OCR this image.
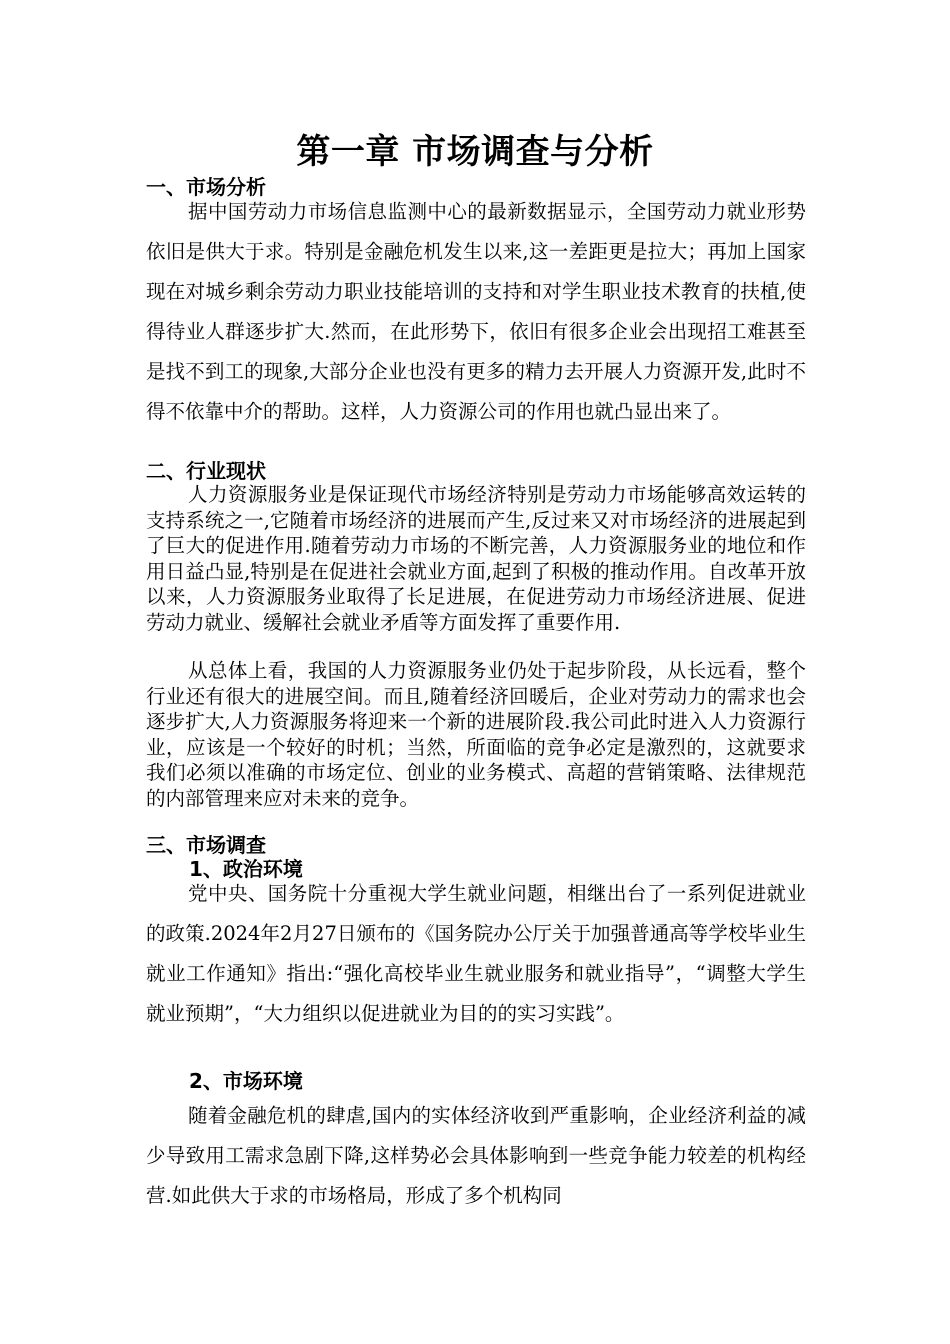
第一章 市场调查与分析
一、市场分析

据中国劳动力市场信息监测中心的最新数据显示，全国劳动力就业形势依旧是供大于求。特别是金融危机发生以来,这一差距更是拉大；再加上国家现在对城乡剩余劳动力职业技能培训的支持和对学生职业技术教育的扶植,使得待业人群逐步扩大.然而，在此形势下，依旧有很多企业会出现招工难甚至是找不到工的现象,大部分企业也没有更多的精力去开展人力资源开发,此时不得不依靠中介的帮助。这样，人力资源公司的作用也就凸显出来了。

二、行业现状

人力资源服务业是保证现代市场经济特别是劳动力市场能够高效运转的支持系统之一,它随着市场经济的进展而产生,反过来又对市场经济的进展起到了巨大的促进作用.随着劳动力市场的不断完善，人力资源服务业的地位和作用日益凸显,特别是在促进社会就业方面,起到了积极的推动作用。自改革开放以来，人力资源服务业取得了长足进展，在促进劳动力市场经济进展、促进劳动力就业、缓解社会就业矛盾等方面发挥了重要作用.

从总体上看，我国的人力资源服务业仍处于起步阶段，从长远看，整个行业还有很大的进展空间。而且,随着经济回暖后，企业对劳动力的需求也会逐步扩大,人力资源服务将迎来一个新的进展阶段.我公司此时进入人力资源行业，应该是一个较好的时机；当然，所面临的竞争必定是激烈的，这就要求我们必须以准确的市场定位、创业的业务模式、高超的营销策略、法律规范的内部管理来应对未来的竞争。

三、市场调查
1、政治环境

党中央、国务院十分重视大学生就业问题，相继出台了一系列促进就业的政策.2024年2月27日颁布的《国务院办公厅关于加强普通高等学校毕业生就业工作通知》指出:“强化高校毕业生就业服务和就业指导”，“调整大学生就业预期”，“大力组织以促进就业为目的的实习实践”。

2、市场环境

随着金融危机的肆虐,国内的实体经济收到严重影响，企业经济利益的减少导致用工需求急剧下降,这样势必会具体影响到一些竞争能力较差的机构经营.如此供大于求的市场格局，形成了多个机构同
